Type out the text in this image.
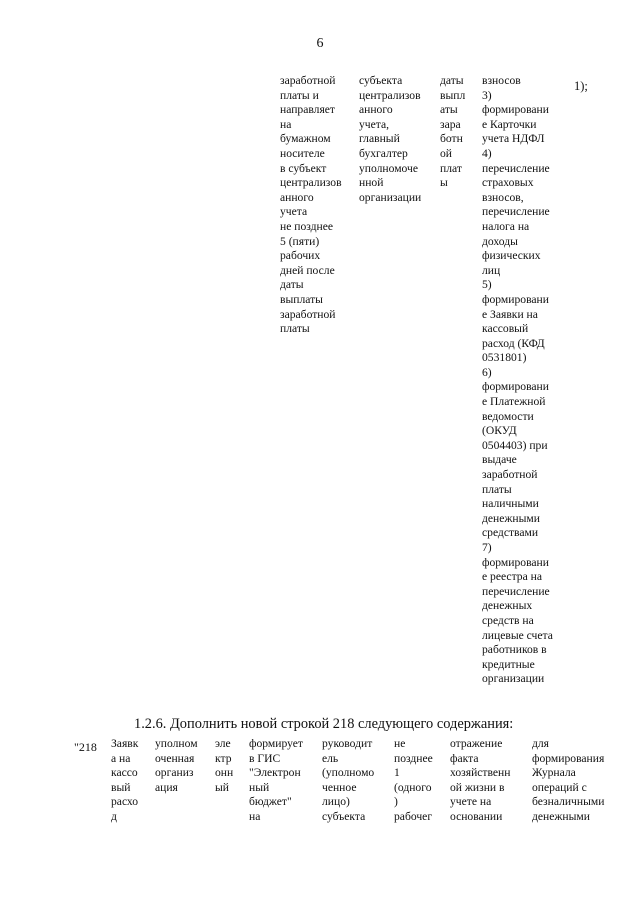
6
заработной
платы и
направляет
на
бумажном
носителе
в субъект
централизов
анного
учета
не позднее
5 (пяти)
рабочих
дней после
даты
выплаты
заработной
платы
субъекта
централизов
анного
учета,
главный
бухгалтер
уполномоче
нной
организации
даты
выпл
аты
зара
ботн
ой
плат
ы
взносов
3)
формировани
е Карточки
учета НДФЛ
4)
перечисление
страховых
взносов,
перечисление
налога на
доходы
физических
лиц
5)
формировани
е Заявки на
кассовый
расход (КФД
0531801)
6)
формировани
е Платежной
ведомости
(ОКУД
0504403) при
выдаче
заработной
платы
наличными
денежными
средствами
7)
формировани
е реестра на
перечисление
денежных
средств на
лицевые счета
работников в
кредитные
организации
1);
1.2.6. Дополнить новой строкой 218 следующего содержания:
"218 Заявк
а на
кассо
вый
расхо
д
уполном
оченная
организ
ация
эле
ктр
онн
ый
формирует
в ГИС
"Электрон
ный
бюджет"
на
руководит
ель
(уполномо
ченное
лицо)
субъекта
не
позднее
1
(одного
)
рабочег
отражение
факта
хозяйственн
ой жизни в
учете на
основании
для
формирования
Журнала
операций с
безналичными
денежными
